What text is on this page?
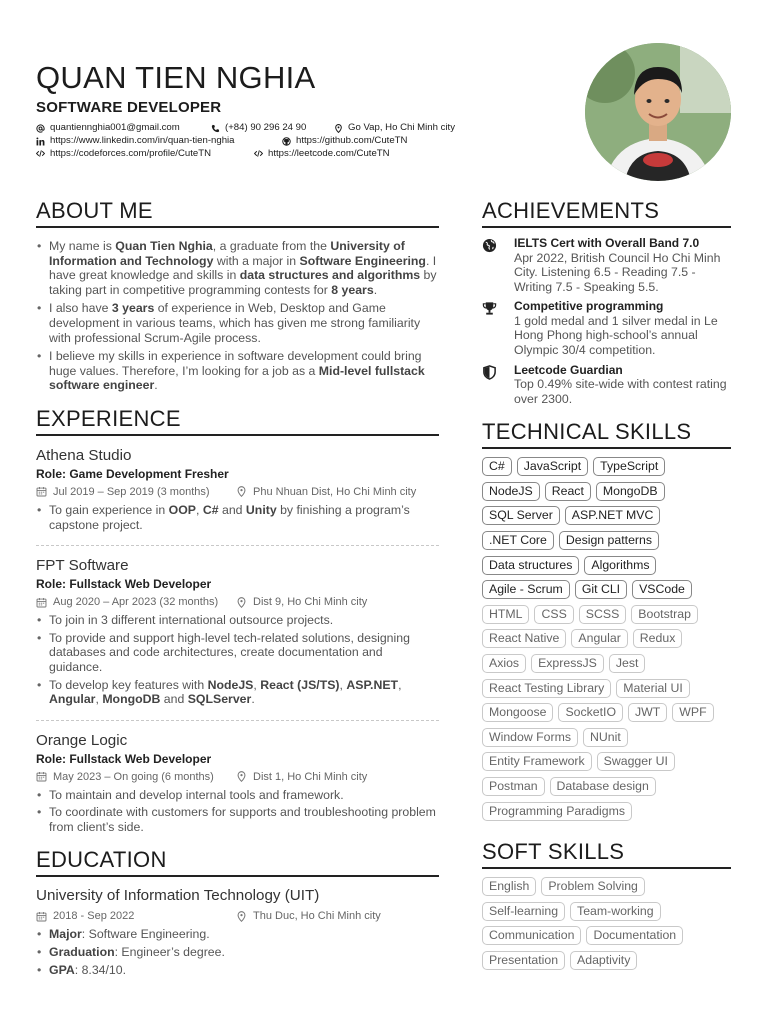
QUAN TIEN NGHIA
SOFTWARE DEVELOPER
quantiennghia001@gmail.com	(+84) 90 296 24 90	Go Vap, Ho Chi Minh city
https://www.linkedin.com/in/quan-tien-nghia	https://github.com/CuteTN
https://codeforces.com/profile/CuteTN	https://leetcode.com/CuteTN
ABOUT ME
• My name is Quan Tien Nghia, a graduate from the University of Information and Technology with a major in Software Engineering. I have great knowledge and skills in data structures and algorithms by taking part in competitive programming contests for 8 years.
• I also have 3 years of experience in Web, Desktop and Game development in various teams, which has given me strong familiarity with professional Scrum-Agile process.
• I believe my skills in experience in software development could bring huge values. Therefore, I’m looking for a job as a Mid-level fullstack software engineer.
EXPERIENCE
Athena Studio
Role: Game Development Fresher
Jul 2019 – Sep 2019 (3 months)	Phu Nhuan Dist, Ho Chi Minh city
• To gain experience in OOP, C# and Unity by finishing a program’s capstone project.
FPT Software
Role: Fullstack Web Developer
Aug 2020 – Apr 2023 (32 months)	Dist 9, Ho Chi Minh city
• To join in 3 different international outsource projects.
• To provide and support high-level tech-related solutions, designing databases and code architectures, create documentation and guidance.
• To develop key features with NodeJS, React (JS/TS), ASP.NET, Angular, MongoDB and SQLServer.
Orange Logic
Role: Fullstack Web Developer
May 2023 – On going (6 months)	Dist 1, Ho Chi Minh city
• To maintain and develop internal tools and framework.
• To coordinate with customers for supports and troubleshooting problem from client’s side.
EDUCATION
University of Information Technology (UIT)
2018 - Sep 2022	Thu Duc, Ho Chi Minh city
• Major: Software Engineering.
• Graduation: Engineer’s degree.
• GPA: 8.34/10.
ACHIEVEMENTS
IELTS Cert with Overall Band 7.0
Apr 2022, British Council Ho Chi Minh City. Listening 6.5 - Reading 7.5 - Writing 7.5 - Speaking 5.5.
Competitive programming
1 gold medal and 1 silver medal in Le Hong Phong high-school’s annual Olympic 30/4 competition.
Leetcode Guardian
Top 0.49% site-wide with contest rating over 2300.
TECHNICAL SKILLS
C#	JavaScript	TypeScript
NodeJS	React	MongoDB
SQL Server	ASP.NET MVC
.NET Core	Design patterns
Data structures	Algorithms
Agile - Scrum	Git CLI	VSCode
HTML	CSS	SCSS	Bootstrap
React Native	Angular	Redux
Axios	ExpressJS	Jest
React Testing Library	Material UI
Mongoose	SocketIO	JWT	WPF
Window Forms	NUnit
Entity Framework	Swagger UI
Postman	Database design
Programming Paradigms
SOFT SKILLS
English	Problem Solving
Self-learning	Team-working
Communication	Documentation
Presentation	Adaptivity
